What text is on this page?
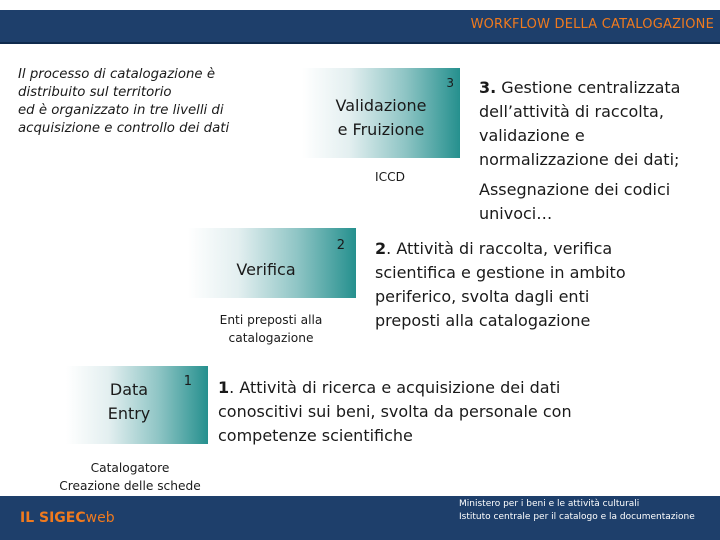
WORKFLOW DELLA CATALOGAZIONE
Il processo di catalogazione è
distribuito sul territorio
ed è organizzato in tre livelli di
acquisizione e controllo dei dati
Validazione
e Fruizione
3
ICCD
3. Gestione centralizzata dell’attività di raccolta, validazione e normalizzazione dei dati;
Assegnazione dei codici univoci…
Verifica
2
Enti preposti alla
catalogazione
2. Attività di raccolta, verifica scientifica e gestione in ambito periferico, svolta dagli enti preposti alla catalogazione
Data
Entry
1
Catalogatore
Creazione delle schede
1. Attività di ricerca e acquisizione dei dati conoscitivi sui beni, svolta da personale con competenze scientifiche
IL SIGECweb
Ministero per i beni e le attività culturali
Istituto centrale per il catalogo e la documentazione
